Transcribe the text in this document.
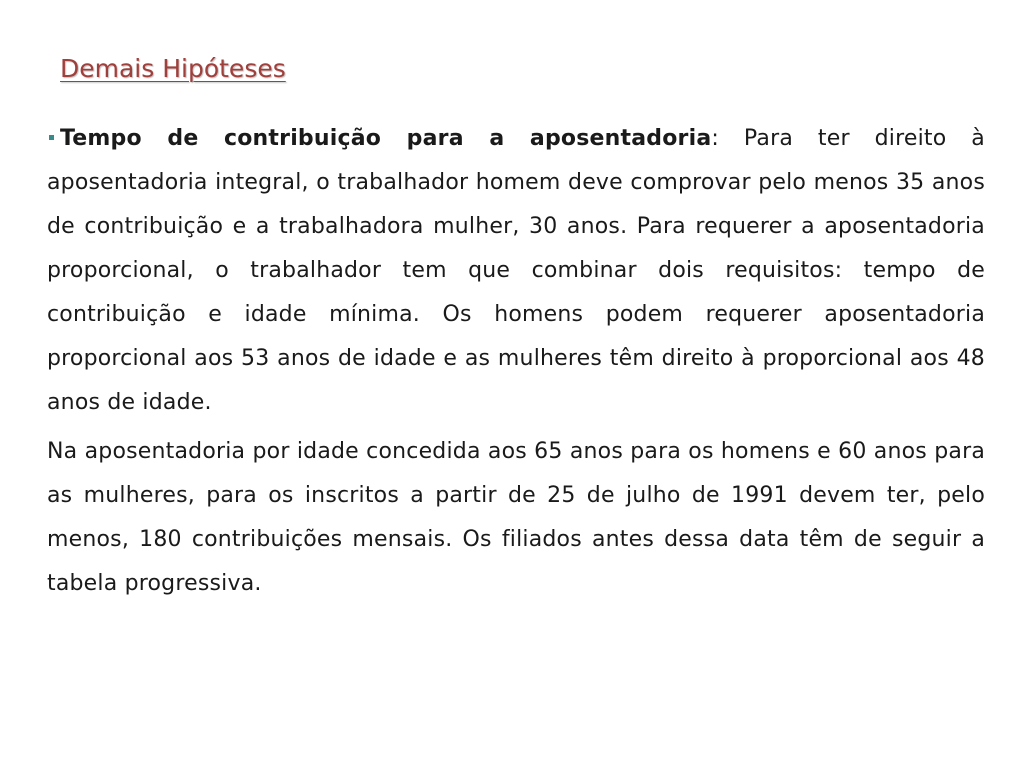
Demais Hipóteses

Tempo de contribuição para a aposentadoria: Para ter direito à aposentadoria integral, o trabalhador homem deve comprovar pelo menos 35 anos de contribuição e a trabalhadora mulher, 30 anos. Para requerer a aposentadoria proporcional, o trabalhador tem que combinar dois requisitos: tempo de contribuição e idade mínima. Os homens podem requerer aposentadoria proporcional aos 53 anos de idade e as mulheres têm direito à proporcional aos 48 anos de idade.

Na aposentadoria por idade concedida aos 65 anos para os homens e 60 anos para as mulheres, para os inscritos a partir de 25 de julho de 1991 devem ter, pelo menos, 180 contribuições mensais. Os filiados antes dessa data têm de seguir a tabela progressiva.
